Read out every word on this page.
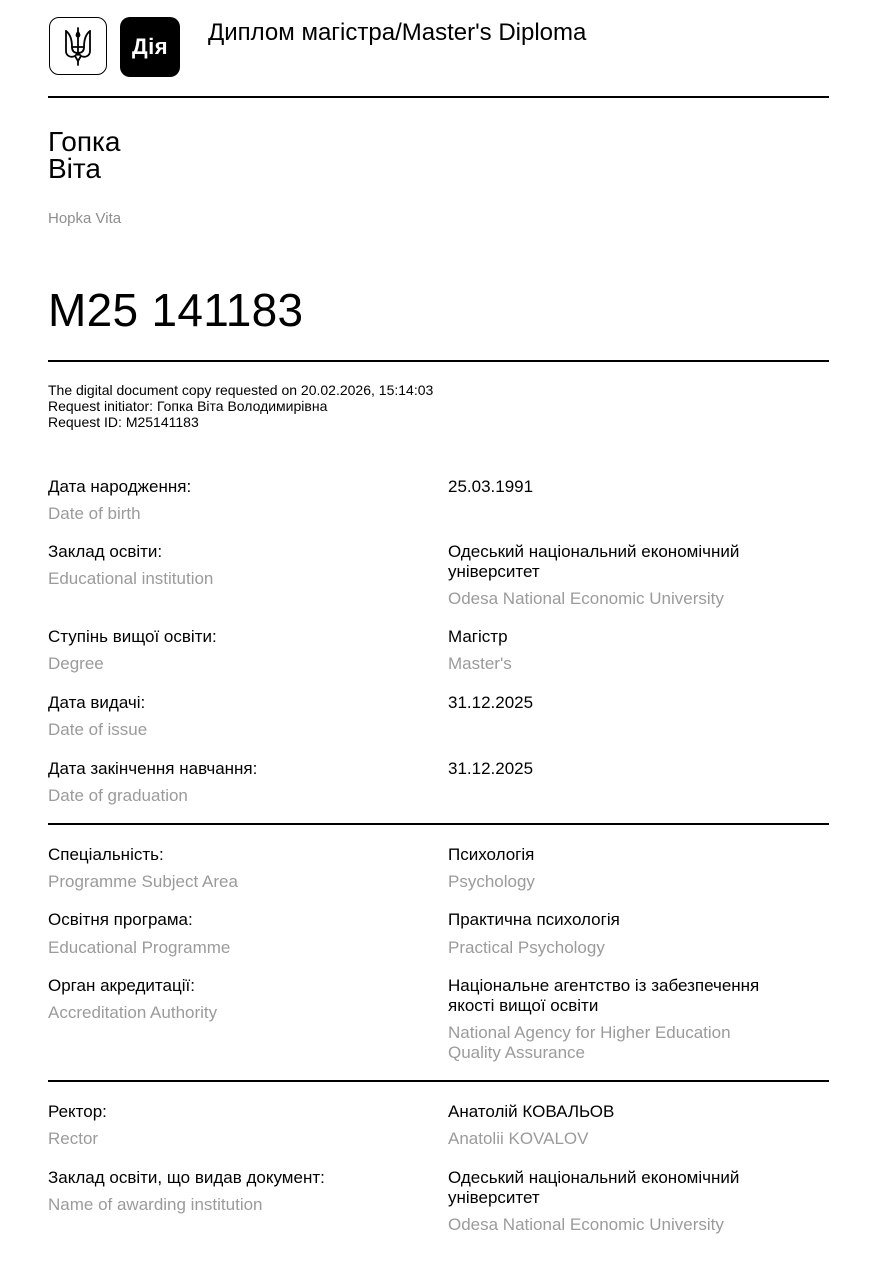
Дія
Диплом магістра/Master's Diploma
Гопка
Віта
Hopka Vita
M25 141183
The digital document copy requested on 20.02.2026, 15:14:03
Request initiator: Гопка Віта Володимирівна
Request ID: M25141183
Дата народження:
Date of birth
25.03.1991
Заклад освіти:
Educational institution
Одеський національний економічний
університет
Odesa National Economic University
Ступінь вищої освіти:
Degree
Магістр
Master's
Дата видачі:
Date of issue
31.12.2025
Дата закінчення навчання:
Date of graduation
31.12.2025
Спеціальність:
Programme Subject Area
Психологія
Psychology
Освітня програма:
Educational Programme
Практична психологія
Practical Psychology
Орган акредитації:
Accreditation Authority
Національне агентство із забезпечення
якості вищої освіти
National Agency for Higher Education
Quality Assurance
Ректор:
Rector
Анатолій КОВАЛЬОВ
Anatolii KOVALOV
Заклад освіти, що видав документ:
Name of awarding institution
Одеський національний економічний
університет
Odesa National Economic University
